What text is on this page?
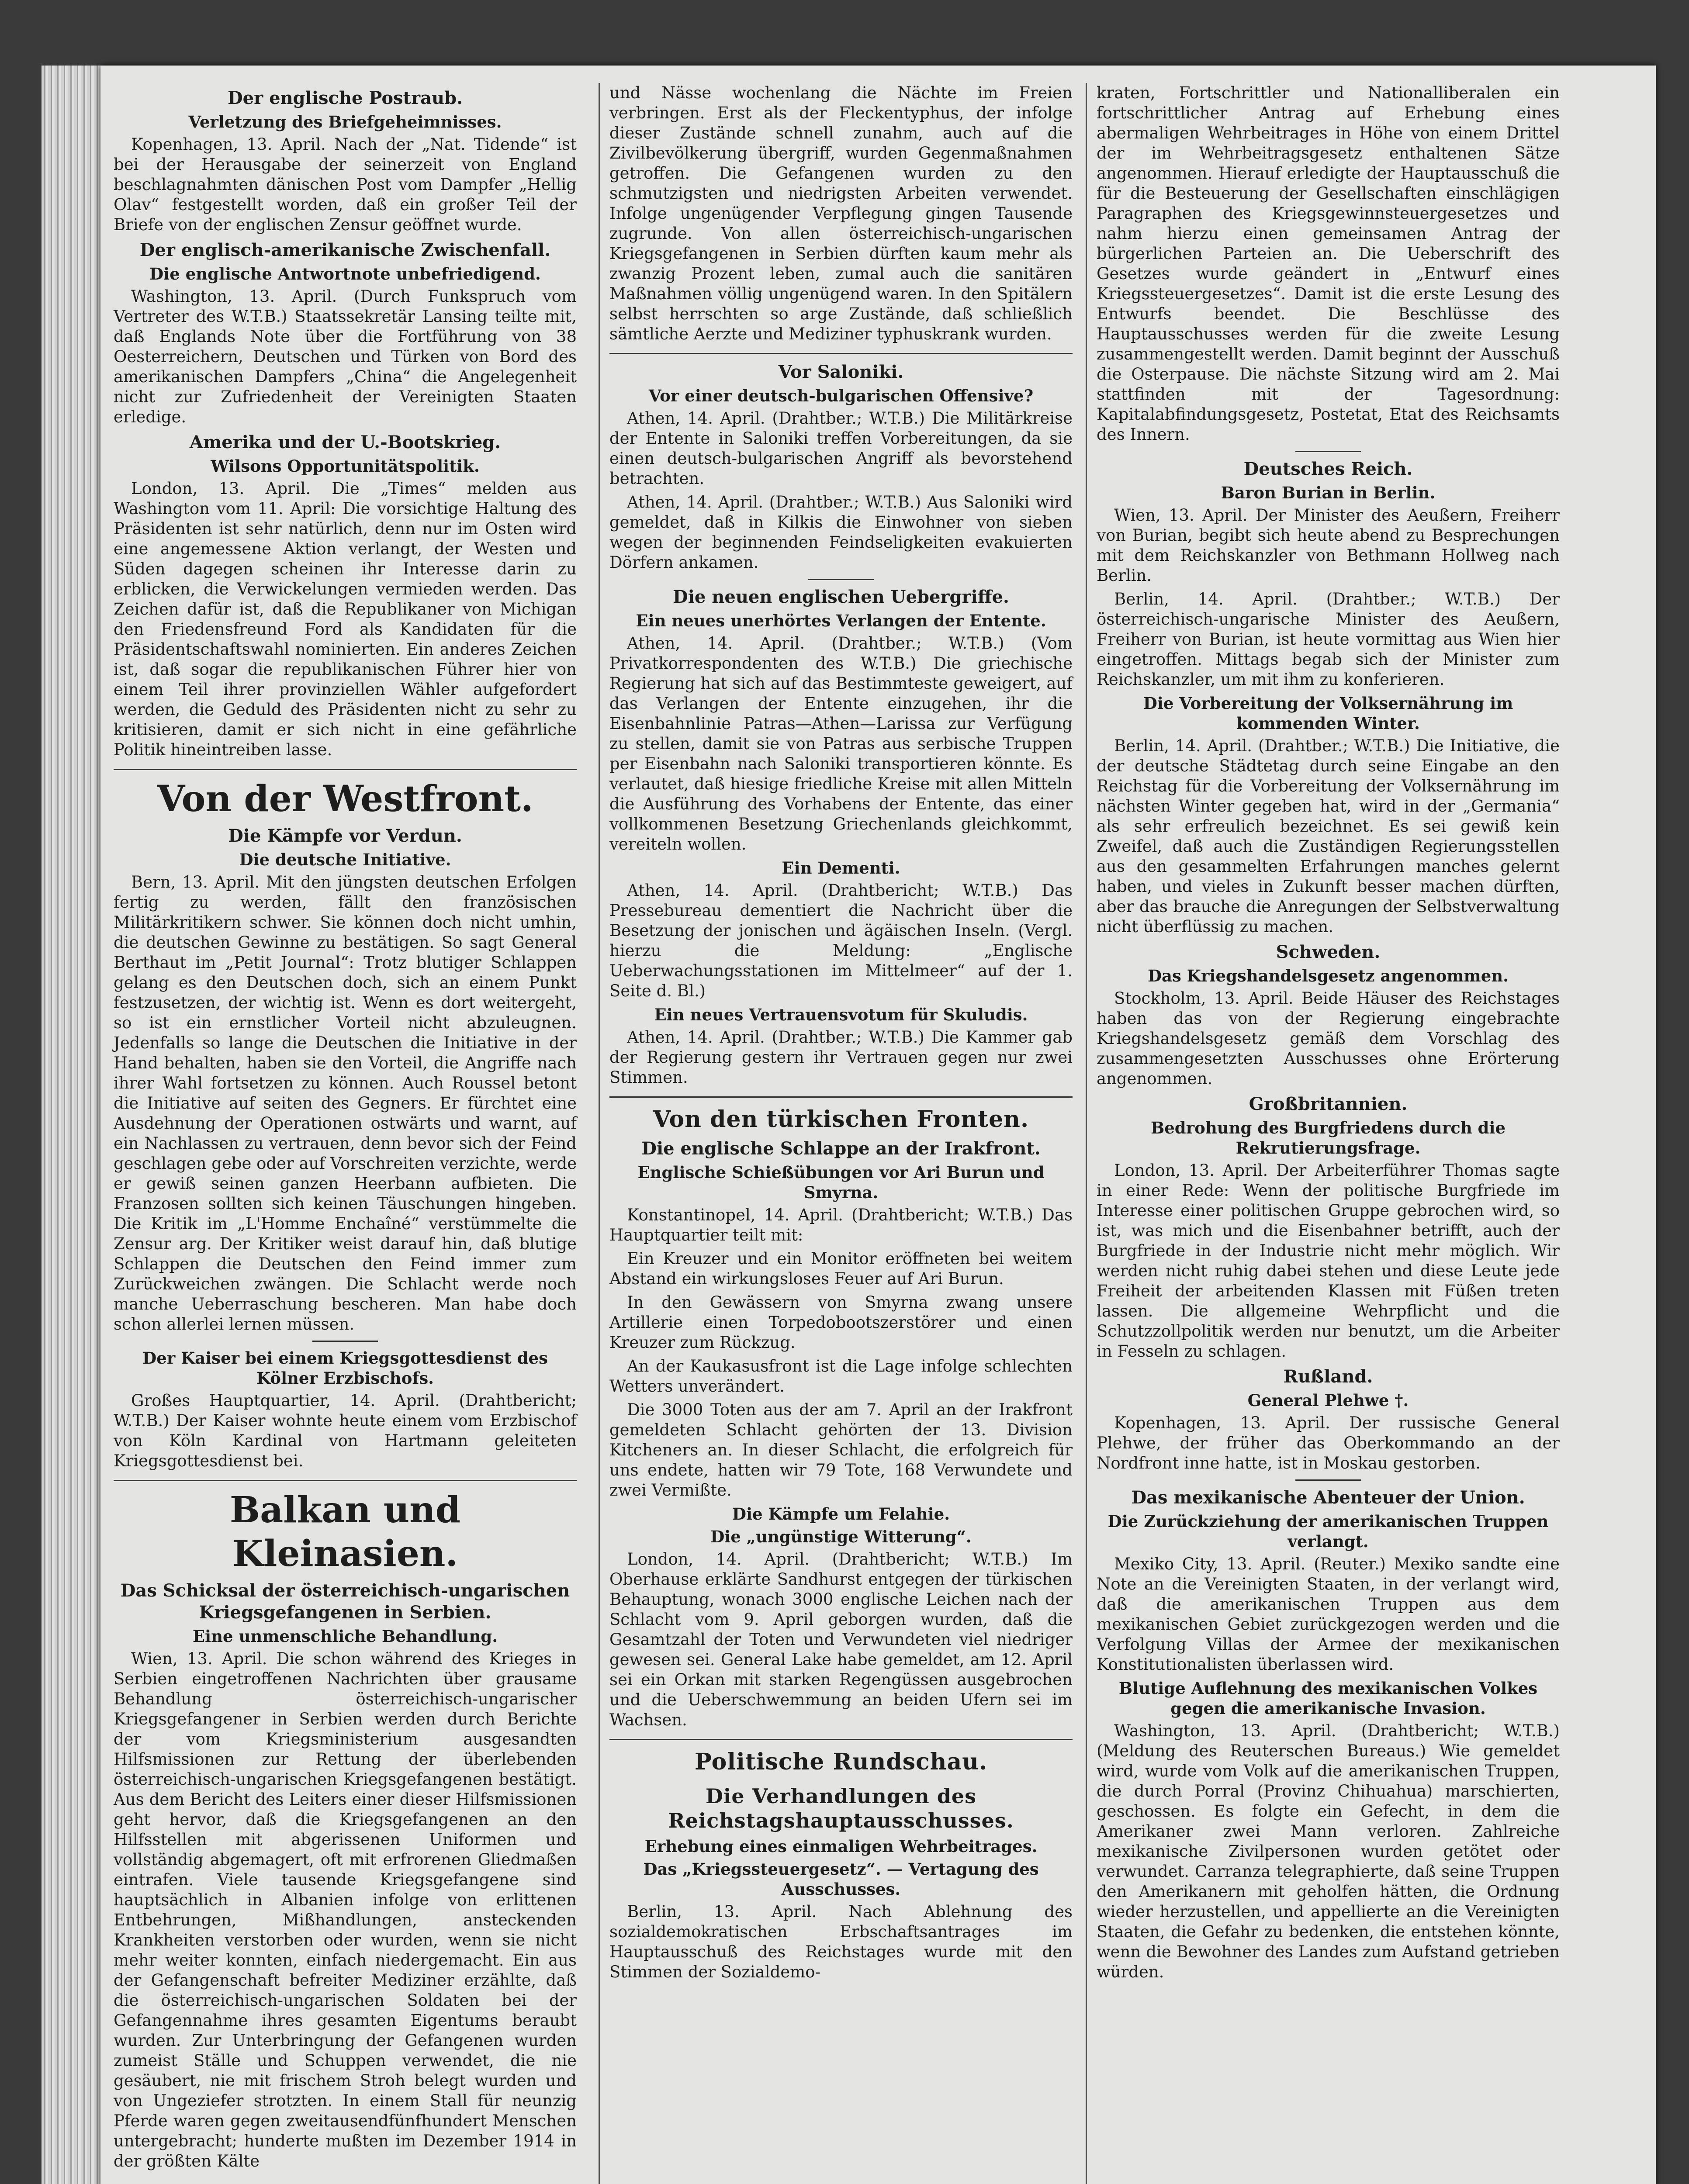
Der englische Postraub.
Verletzung des Briefgeheimnisses.

Kopenhagen, 13. April. Nach der „Nat. Tidende“ ist bei der Herausgabe der seinerzeit von England beschlagnahmten dänischen Post vom Dampfer „Hellig Olav“ festgestellt worden, daß ein großer Teil der Briefe von der englischen Zensur geöffnet wurde.

Der englisch-amerikanische Zwischenfall.
Die englische Antwortnote unbefriedigend.

Washington, 13. April. (Durch Funkspruch vom Vertreter des W.T.B.) Staatssekretär Lansing teilte mit, daß Englands Note über die Fortführung von 38 Oesterreichern, Deutschen und Türken von Bord des amerikanischen Dampfers „China“ die Angelegenheit nicht zur Zufriedenheit der Vereinigten Staaten erledige.

Amerika und der U.-Bootskrieg.
Wilsons Opportunitätspolitik.

London, 13. April. Die „Times“ melden aus Washington vom 11. April: Die vorsichtige Haltung des Präsidenten ist sehr natürlich, denn nur im Osten wird eine angemessene Aktion verlangt, der Westen und Süden dagegen scheinen ihr Interesse darin zu erblicken, die Verwickelungen vermieden werden. Das Zeichen dafür ist, daß die Republikaner von Michigan den Friedensfreund Ford als Kandidaten für die Präsidentschaftswahl nominierten. Ein anderes Zeichen ist, daß sogar die republikanischen Führer hier von einem Teil ihrer provinziellen Wähler aufgefordert werden, die Geduld des Präsidenten nicht zu sehr zu kritisieren, damit er sich nicht in eine gefährliche Politik hineintreiben lasse.

Von der Westfront.
Die Kämpfe vor Verdun.
Die deutsche Initiative.

Bern, 13. April. Mit den jüngsten deutschen Erfolgen fertig zu werden, fällt den französischen Militärkritikern schwer. Sie können doch nicht umhin, die deutschen Gewinne zu bestätigen. So sagt General Berthaut im „Petit Journal“: Trotz blutiger Schlappen gelang es den Deutschen doch, sich an einem Punkt festzusetzen, der wichtig ist. Wenn es dort weitergeht, so ist ein ernstlicher Vorteil nicht abzuleugnen. Jedenfalls so lange die Deutschen die Initiative in der Hand behalten, haben sie den Vorteil, die Angriffe nach ihrer Wahl fortsetzen zu können. Auch Roussel betont die Initiative auf seiten des Gegners. Er fürchtet eine Ausdehnung der Operationen ostwärts und warnt, auf ein Nachlassen zu vertrauen, denn bevor sich der Feind geschlagen gebe oder auf Vorschreiten verzichte, werde er gewiß seinen ganzen Heerbann aufbieten. Die Franzosen sollten sich keinen Täuschungen hingeben. Die Kritik im „L'Homme Enchaîné“ verstümmelte die Zensur arg. Der Kritiker weist darauf hin, daß blutige Schlappen die Deutschen den Feind immer zum Zurückweichen zwängen. Die Schlacht werde noch manche Ueberraschung bescheren. Man habe doch schon allerlei lernen müssen.

Der Kaiser bei einem Kriegsgottesdienst des Kölner Erzbischofs.

Großes Hauptquartier, 14. April. (Drahtbericht; W.T.B.) Der Kaiser wohnte heute einem vom Erzbischof von Köln Kardinal von Hartmann geleiteten Kriegsgottesdienst bei.

Balkan und Kleinasien.
Das Schicksal der österreichisch-ungarischen Kriegsgefangenen in Serbien.
Eine unmenschliche Behandlung.

Wien, 13. April. Die schon während des Krieges in Serbien eingetroffenen Nachrichten über grausame Behandlung österreichisch-ungarischer Kriegsgefangener in Serbien werden durch Berichte der vom Kriegsministerium ausgesandten Hilfsmissionen zur Rettung der überlebenden österreichisch-ungarischen Kriegsgefangenen bestätigt. Aus dem Bericht des Leiters einer dieser Hilfsmissionen geht hervor, daß die Kriegsgefangenen an den Hilfsstellen mit abgerissenen Uniformen und vollständig abgemagert, oft mit erfrorenen Gliedmaßen eintrafen. Viele tausende Kriegsgefangene sind hauptsächlich in Albanien infolge von erlittenen Entbehrungen, Mißhandlungen, ansteckenden Krankheiten verstorben oder wurden, wenn sie nicht mehr weiter konnten, einfach niedergemacht. Ein aus der Gefangenschaft befreiter Mediziner erzählte, daß die österreichisch-ungarischen Soldaten bei der Gefangennahme ihres gesamten Eigentums beraubt wurden. Zur Unterbringung der Gefangenen wurden zumeist Ställe und Schuppen verwendet, die nie gesäubert, nie mit frischem Stroh belegt wurden und von Ungeziefer strotzten. In einem Stall für neunzig Pferde waren gegen zweitausendfünfhundert Menschen untergebracht; hunderte mußten im Dezember 1914 in der größten Kälte

und Nässe wochenlang die Nächte im Freien verbringen. Erst als der Fleckentyphus, der infolge dieser Zustände schnell zunahm, auch auf die Zivilbevölkerung übergriff, wurden Gegenmaßnahmen getroffen. Die Gefangenen wurden zu den schmutzigsten und niedrigsten Arbeiten verwendet. Infolge ungenügender Verpflegung gingen Tausende zugrunde. Von allen österreichisch-ungarischen Kriegsgefangenen in Serbien dürften kaum mehr als zwanzig Prozent leben, zumal auch die sanitären Maßnahmen völlig ungenügend waren. In den Spitälern selbst herrschten so arge Zustände, daß schließlich sämtliche Aerzte und Mediziner typhuskrank wurden.

Vor Saloniki.
Vor einer deutsch-bulgarischen Offensive?

Athen, 14. April. (Drahtber.; W.T.B.) Die Militärkreise der Entente in Saloniki treffen Vorbereitungen, da sie einen deutsch-bulgarischen Angriff als bevorstehend betrachten.

Athen, 14. April. (Drahtber.; W.T.B.) Aus Saloniki wird gemeldet, daß in Kilkis die Einwohner von sieben wegen der beginnenden Feindseligkeiten evakuierten Dörfern ankamen.

Die neuen englischen Uebergriffe.
Ein neues unerhörtes Verlangen der Entente.

Athen, 14. April. (Drahtber.; W.T.B.) (Vom Privatkorrespondenten des W.T.B.) Die griechische Regierung hat sich auf das Bestimmteste geweigert, auf das Verlangen der Entente einzugehen, ihr die Eisenbahnlinie Patras—Athen—Larissa zur Verfügung zu stellen, damit sie von Patras aus serbische Truppen per Eisenbahn nach Saloniki transportieren könnte. Es verlautet, daß hiesige friedliche Kreise mit allen Mitteln die Ausführung des Vorhabens der Entente, das einer vollkommenen Besetzung Griechenlands gleichkommt, vereiteln wollen.

Ein Dementi.

Athen, 14. April. (Drahtbericht; W.T.B.) Das Pressebureau dementiert die Nachricht über die Besetzung der jonischen und ägäischen Inseln. (Vergl. hierzu die Meldung: „Englische Ueberwachungsstationen im Mittelmeer“ auf der 1. Seite d. Bl.)

Ein neues Vertrauensvotum für Skuludis.

Athen, 14. April. (Drahtber.; W.T.B.) Die Kammer gab der Regierung gestern ihr Vertrauen gegen nur zwei Stimmen.

Von den türkischen Fronten.
Die englische Schlappe an der Irakfront.
Englische Schießübungen vor Ari Burun und Smyrna.

Konstantinopel, 14. April. (Drahtbericht; W.T.B.) Das Hauptquartier teilt mit:

Ein Kreuzer und ein Monitor eröffneten bei weitem Abstand ein wirkungsloses Feuer auf Ari Burun.

In den Gewässern von Smyrna zwang unsere Artillerie einen Torpedobootszerstörer und einen Kreuzer zum Rückzug.

An der Kaukasusfront ist die Lage infolge schlechten Wetters unverändert.

Die 3000 Toten aus der am 7. April an der Irakfront gemeldeten Schlacht gehörten der 13. Division Kitcheners an. In dieser Schlacht, die erfolgreich für uns endete, hatten wir 79 Tote, 168 Verwundete und zwei Vermißte.

Die Kämpfe um Felahie.
Die „ungünstige Witterung“.

London, 14. April. (Drahtbericht; W.T.B.) Im Oberhause erklärte Sandhurst entgegen der türkischen Behauptung, wonach 3000 englische Leichen nach der Schlacht vom 9. April geborgen wurden, daß die Gesamtzahl der Toten und Verwundeten viel niedriger gewesen sei. General Lake habe gemeldet, am 12. April sei ein Orkan mit starken Regengüssen ausgebrochen und die Ueberschwemmung an beiden Ufern sei im Wachsen.

Politische Rundschau.
Die Verhandlungen des Reichstagshauptausschusses.
Erhebung eines einmaligen Wehrbeitrages.
Das „Kriegssteuergesetz“. — Vertagung des Ausschusses.

Berlin, 13. April. Nach Ablehnung des sozialdemokratischen Erbschaftsantrages im Hauptausschuß des Reichstages wurde mit den Stimmen der Sozialdemo-

kraten, Fortschrittler und Nationalliberalen ein fortschrittlicher Antrag auf Erhebung eines abermaligen Wehrbeitrages in Höhe von einem Drittel der im Wehrbeitragsgesetz enthaltenen Sätze angenommen. Hierauf erledigte der Hauptausschuß die für die Besteuerung der Gesellschaften einschlägigen Paragraphen des Kriegsgewinnsteuergesetzes und nahm hierzu einen gemeinsamen Antrag der bürgerlichen Parteien an. Die Ueberschrift des Gesetzes wurde geändert in „Entwurf eines Kriegssteuergesetzes“. Damit ist die erste Lesung des Entwurfs beendet. Die Beschlüsse des Hauptausschusses werden für die zweite Lesung zusammengestellt werden. Damit beginnt der Ausschuß die Osterpause. Die nächste Sitzung wird am 2. Mai stattfinden mit der Tagesordnung: Kapitalabfindungsgesetz, Postetat, Etat des Reichsamts des Innern.

Deutsches Reich.
Baron Burian in Berlin.

Wien, 13. April. Der Minister des Aeußern, Freiherr von Burian, begibt sich heute abend zu Besprechungen mit dem Reichskanzler von Bethmann Hollweg nach Berlin.

Berlin, 14. April. (Drahtber.; W.T.B.) Der österreichisch-ungarische Minister des Aeußern, Freiherr von Burian, ist heute vormittag aus Wien hier eingetroffen. Mittags begab sich der Minister zum Reichskanzler, um mit ihm zu konferieren.

Die Vorbereitung der Volksernährung im kommenden Winter.

Berlin, 14. April. (Drahtber.; W.T.B.) Die Initiative, die der deutsche Städtetag durch seine Eingabe an den Reichstag für die Vorbereitung der Volksernährung im nächsten Winter gegeben hat, wird in der „Germania“ als sehr erfreulich bezeichnet. Es sei gewiß kein Zweifel, daß auch die Zuständigen Regierungsstellen aus den gesammelten Erfahrungen manches gelernt haben, und vieles in Zukunft besser machen dürften, aber das brauche die Anregungen der Selbstverwaltung nicht überflüssig zu machen.

Schweden.
Das Kriegshandelsgesetz angenommen.

Stockholm, 13. April. Beide Häuser des Reichstages haben das von der Regierung eingebrachte Kriegshandelsgesetz gemäß dem Vorschlag des zusammengesetzten Ausschusses ohne Erörterung angenommen.

Großbritannien.
Bedrohung des Burgfriedens durch die Rekrutierungsfrage.

London, 13. April. Der Arbeiterführer Thomas sagte in einer Rede: Wenn der politische Burgfriede im Interesse einer politischen Gruppe gebrochen wird, so ist, was mich und die Eisenbahner betrifft, auch der Burgfriede in der Industrie nicht mehr möglich. Wir werden nicht ruhig dabei stehen und diese Leute jede Freiheit der arbeitenden Klassen mit Füßen treten lassen. Die allgemeine Wehrpflicht und die Schutzzollpolitik werden nur benutzt, um die Arbeiter in Fesseln zu schlagen.

Rußland.
General Plehwe †.

Kopenhagen, 13. April. Der russische General Plehwe, der früher das Oberkommando an der Nordfront inne hatte, ist in Moskau gestorben.

Das mexikanische Abenteuer der Union.
Die Zurückziehung der amerikanischen Truppen verlangt.

Mexiko City, 13. April. (Reuter.) Mexiko sandte eine Note an die Vereinigten Staaten, in der verlangt wird, daß die amerikanischen Truppen aus dem mexikanischen Gebiet zurückgezogen werden und die Verfolgung Villas der Armee der mexikanischen Konstitutionalisten überlassen wird.

Blutige Auflehnung des mexikanischen Volkes gegen die amerikanische Invasion.

Washington, 13. April. (Drahtbericht; W.T.B.) (Meldung des Reuterschen Bureaus.) Wie gemeldet wird, wurde vom Volk auf die amerikanischen Truppen, die durch Porral (Provinz Chihuahua) marschierten, geschossen. Es folgte ein Gefecht, in dem die Amerikaner zwei Mann verloren. Zahlreiche mexikanische Zivilpersonen wurden getötet oder verwundet. Carranza telegraphierte, daß seine Truppen den Amerikanern mit geholfen hätten, die Ordnung wieder herzustellen, und appellierte an die Vereinigten Staaten, die Gefahr zu bedenken, die entstehen könnte, wenn die Bewohner des Landes zum Aufstand getrieben würden.
